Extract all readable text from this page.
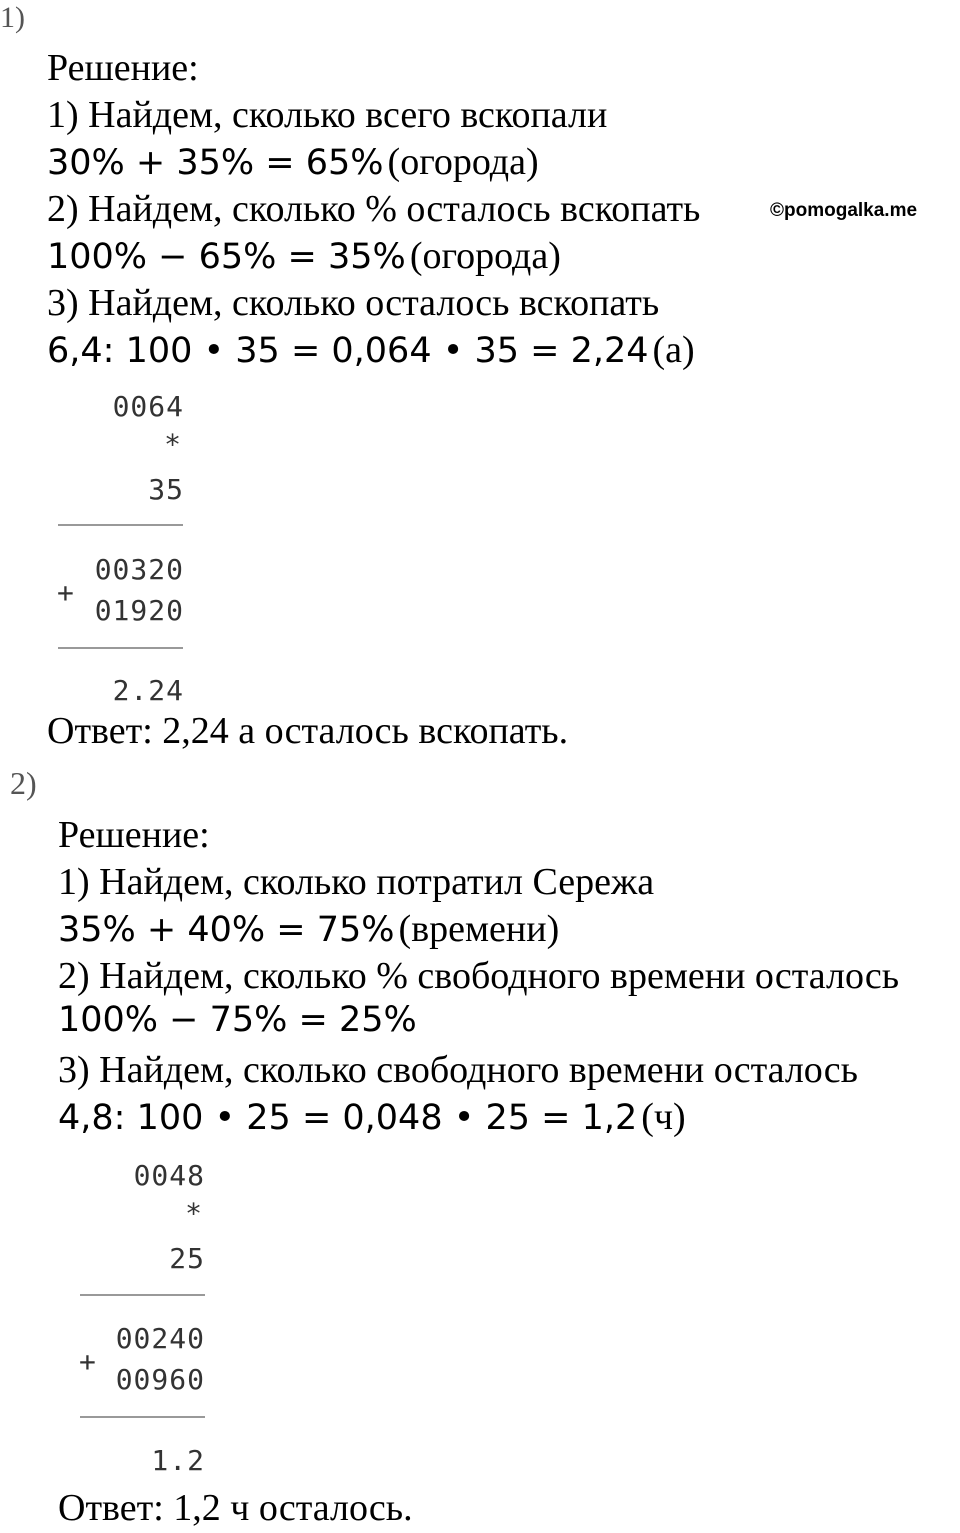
1)
Решение:
1) Найдем, сколько всего вскопали
30% + 35% = 65% (огорода)
2) Найдем, сколько % осталось вскопать	©pomogalka.me
100% − 65% = 35% (огорода)
3) Найдем, сколько осталось вскопать
6,4: 100 • 35 = 0,064 • 35 = 2,24 (а)
0064
*
35
+
00320
01920
2.24
Ответ: 2,24 а осталось вскопать.
2)
Решение:
1) Найдем, сколько потратил Сережа
35% + 40% = 75% (времени)
2) Найдем, сколько % свободного времени осталось
100% − 75% = 25%
3) Найдем, сколько свободного времени осталось
4,8: 100 • 25 = 0,048 • 25 = 1,2 (ч)
0048
*
25
+
00240
00960
1.2
Ответ: 1,2 ч осталось.
